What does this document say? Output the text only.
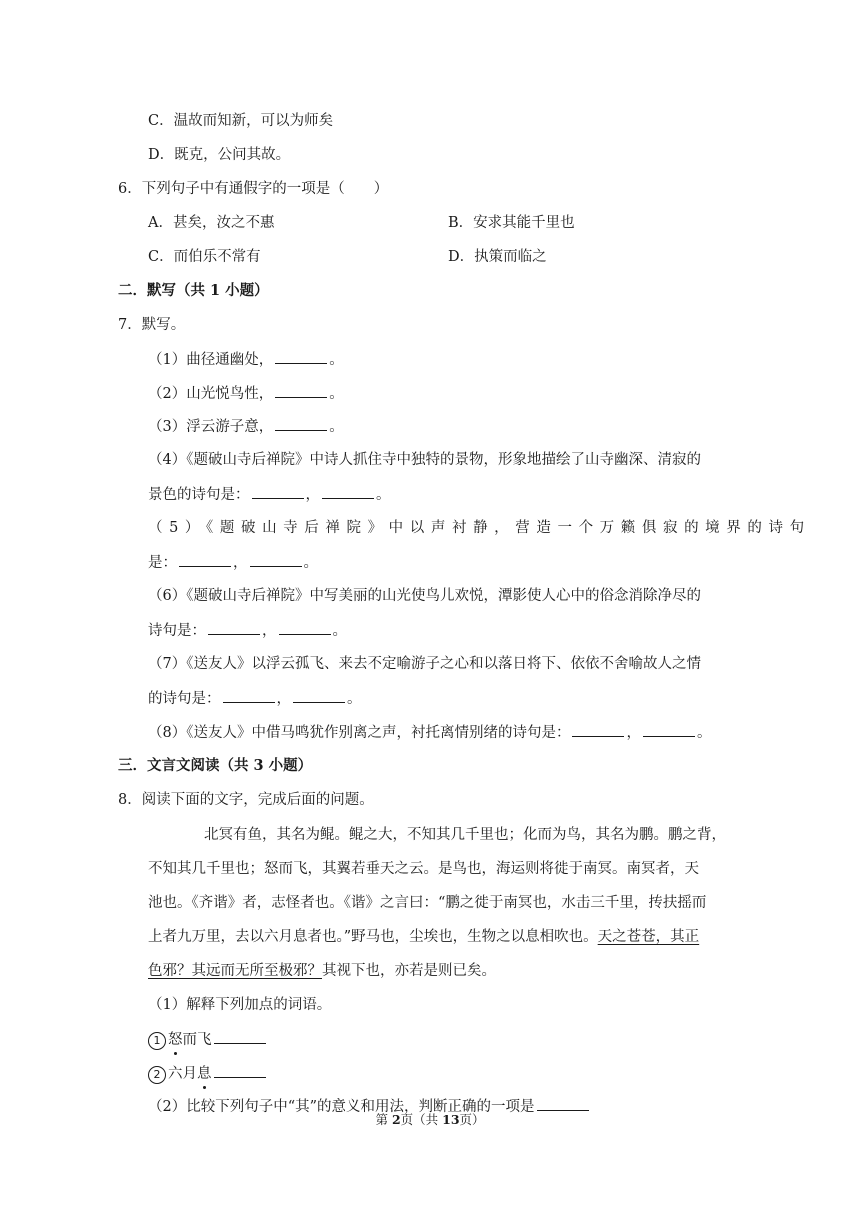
C．温故而知新，可以为师矣
D．既克，公问其故。
6．下列句子中有通假字的一项是（　　）
A．甚矣，汝之不惠	B．安求其能千里也
C．而伯乐不常有	D．执策而临之
二．默写（共 1 小题）
7．默写。
（1）曲径通幽处，	。
（2）山光悦鸟性，	。
（3）浮云游子意，	。
（4）《题破山寺后禅院》中诗人抓住寺中独特的景物，形象地描绘了山寺幽深、清寂的
景色的诗句是：	，	。
（5）《题破山寺后禅院》中以声衬静，营造一个万籁俱寂的境界的诗句
是：	，	。
（6）《题破山寺后禅院》中写美丽的山光使鸟儿欢悦，潭影使人心中的俗念消除净尽的
诗句是：	，	。
（7）《送友人》以浮云孤飞、来去不定喻游子之心和以落日将下、依依不舍喻故人之情
的诗句是：	，	。
（8）《送友人》中借马鸣犹作别离之声，衬托离情别绪的诗句是：	，	。
三．文言文阅读（共 3 小题）
8．阅读下面的文字，完成后面的问题。
北冥有鱼，其名为鲲。鲲之大，不知其几千里也；化而为鸟，其名为鹏。鹏之背，
不知其几千里也；怒而飞，其翼若垂天之云。是鸟也，海运则将徙于南冥。南冥者，天
池也。《齐谐》者，志怪者也。《谐》之言曰：“鹏之徙于南冥也，水击三千里，抟扶摇而
上者九万里，去以六月息者也。”野马也，尘埃也，生物之以息相吹也。天之苍苍，其正
色邪？其远而无所至极邪？其视下也，亦若是则已矣。
（1）解释下列加点的词语。
1 怒而飞
2 六月息
（2）比较下列句子中“其”的意义和用法，判断正确的一项是
第 2页（共 13页）
